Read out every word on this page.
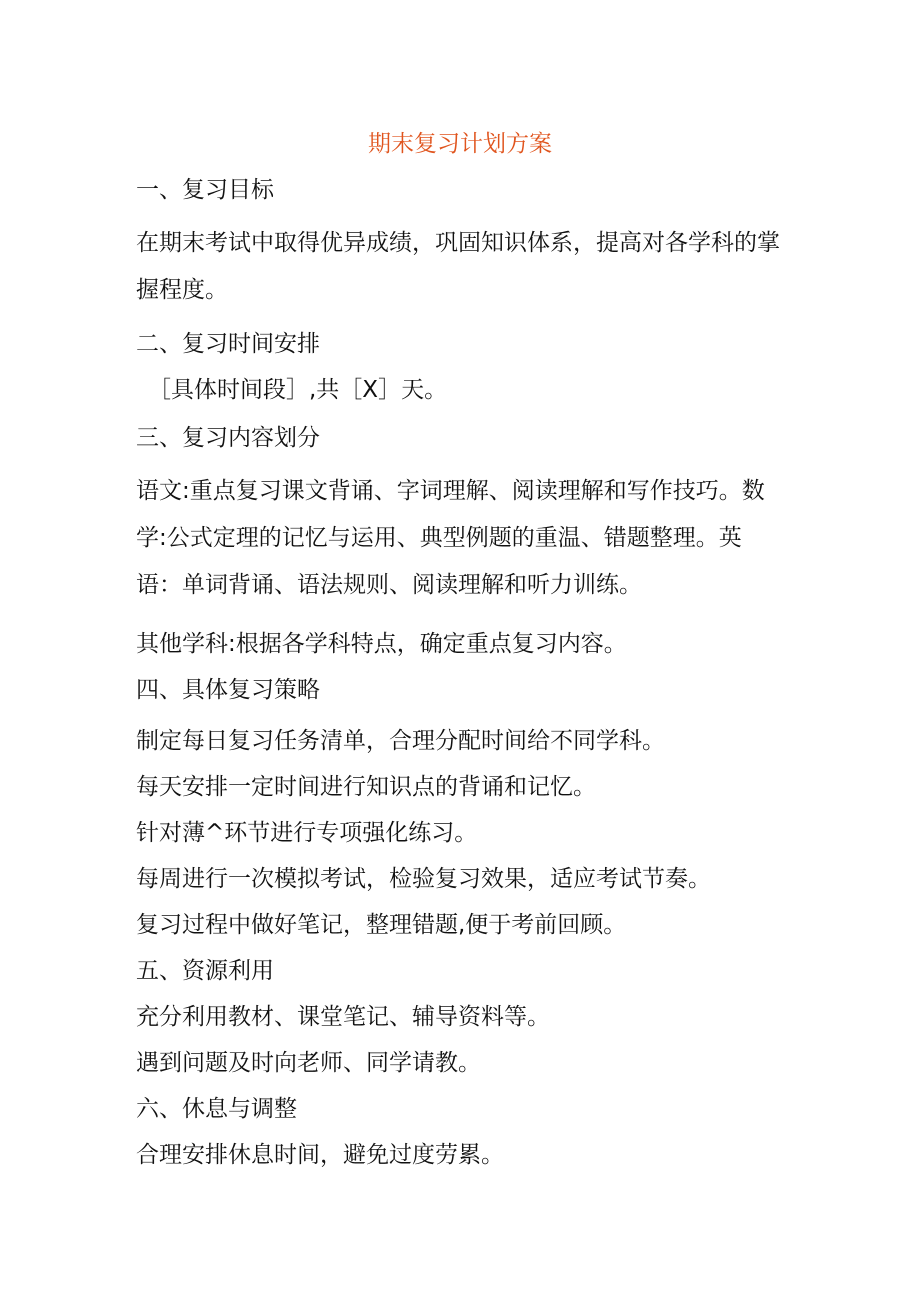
期末复习计划方案
一、复习目标
在期末考试中取得优异成绩，巩固知识体系，提高对各学科的掌握程度。
二、复习时间安排
［具体时间段］,共［X］天。
三、复习内容划分
语文:重点复习课文背诵、字词理解、阅读理解和写作技巧。数学:公式定理的记忆与运用、典型例题的重温、错题整理。英语：单词背诵、语法规则、阅读理解和听力训练。
其他学科:根据各学科特点，确定重点复习内容。
四、具体复习策略
制定每日复习任务清单，合理分配时间给不同学科。
每天安排一定时间进行知识点的背诵和记忆。
针对薄^环节进行专项强化练习。
每周进行一次模拟考试，检验复习效果，适应考试节奏。
复习过程中做好笔记，整理错题,便于考前回顾。
五、资源利用
充分利用教材、课堂笔记、辅导资料等。
遇到问题及时向老师、同学请教。
六、休息与调整
合理安排休息时间，避免过度劳累。
